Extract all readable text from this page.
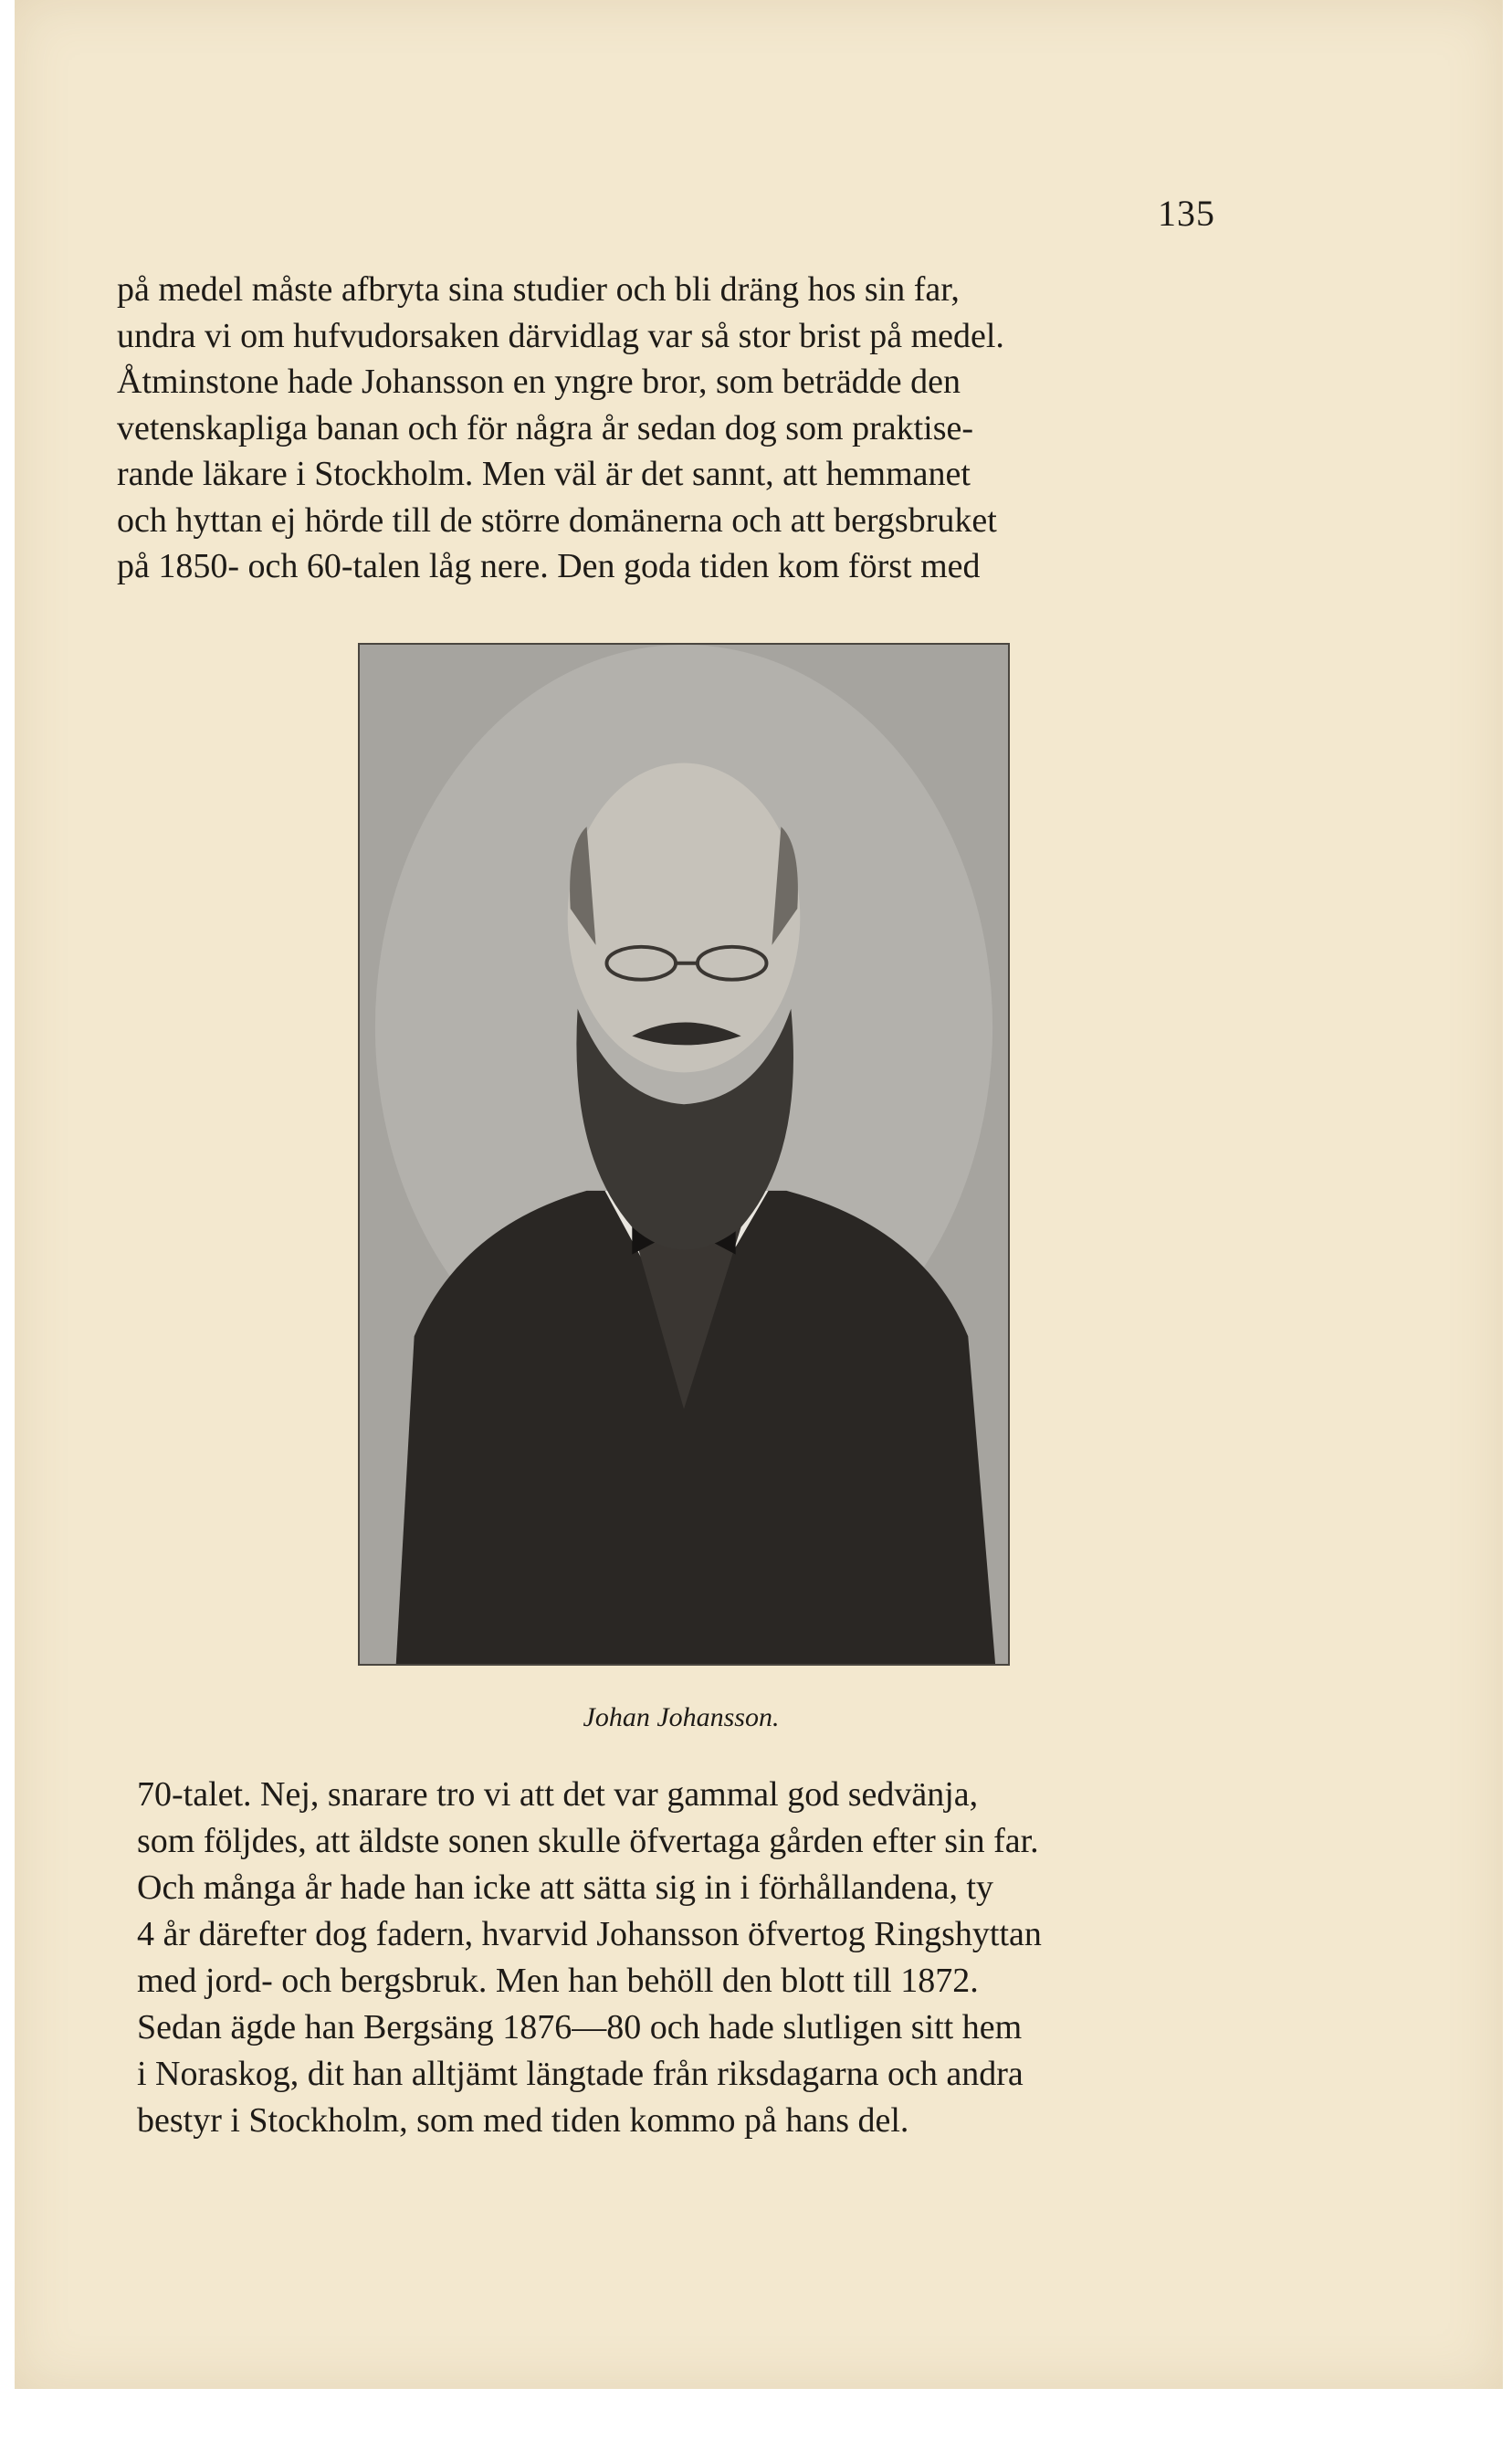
135

på medel måste afbryta sina studier och bli dräng hos sin far,

undra vi om hufvudorsaken därvidlag var så stor brist på medel.

Åtminstone hade Johansson en yngre bror, som beträdde den

vetenskapliga banan och för några år sedan dog som praktise-

rande läkare i Stockholm. Men väl är det sannt, att hemmanet

och hyttan ej hörde till de större domänerna och att bergsbruket

på 1850- och 60-talen låg nere. Den goda tiden kom först med

Johan Johansson.

70-talet. Nej, snarare tro vi att det var gammal god sedvänja,

som följdes, att äldste sonen skulle öfvertaga gården efter sin far.

Och många år hade han icke att sätta sig in i förhållandena, ty

4 år därefter dog fadern, hvarvid Johansson öfvertog Ringshyttan

med jord- och bergsbruk. Men han behöll den blott till 1872.

Sedan ägde han Bergsäng 1876—80 och hade slutligen sitt hem

i Noraskog, dit han alltjämt längtade från riksdagarna och andra

bestyr i Stockholm, som med tiden kommo på hans del.
